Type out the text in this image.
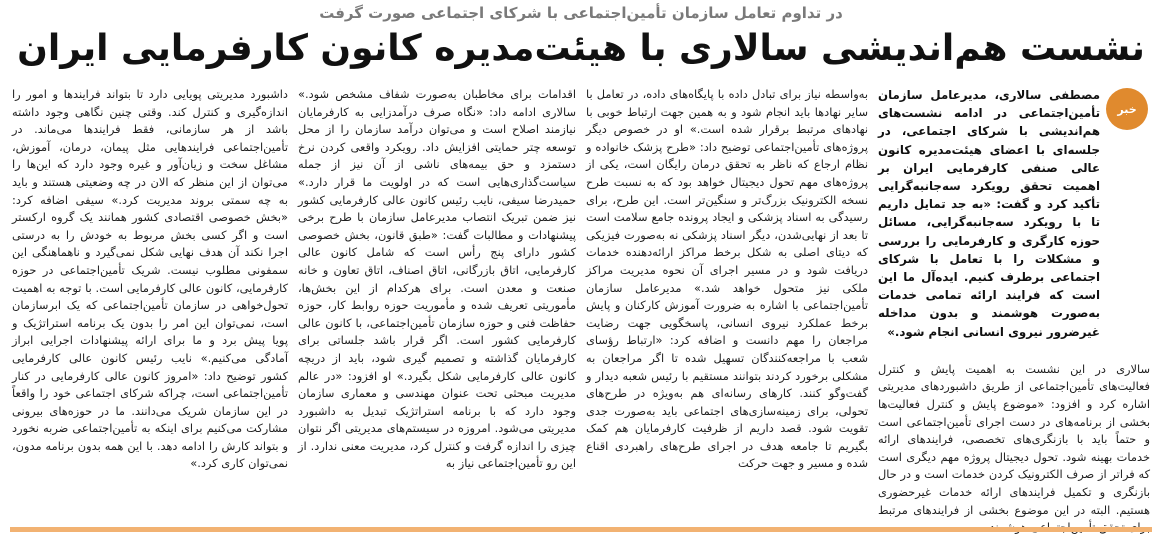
در تداوم تعامل سازمان تأمین‌اجتماعی با شرکای اجتماعی صورت گرفت
نشست هم‌اندیشی سالاری با هیئت‌مدیره کانون کارفرمایی ایران
خبر

مصطفی سالاری، مدیرعامل سازمان تأمین‌اجتماعی در ادامه نشست‌های هم‌اندیشی با شرکای اجتماعی، در جلسه‌ای با اعضای هیئت‌مدیره کانون عالی صنفی کارفرمایی ایران بر اهمیت تحقق رویکرد سه‌جانبه‌گرایی تأکید کرد و گفت: «به جد تمایل داریم تا با رویکرد سه‌جانبه‌گرایی، مسائل حوزه کارگری و کارفرمایی را بررسی و مشکلات را با تعامل با شرکای اجتماعی برطرف کنیم. ایده‌آل ما این است که فرایند ارائه تمامی خدمات به‌صورت هوشمند و بدون مداخله غیرضرور نیروی انسانی انجام شود.»

سالاری در این نشست به اهمیت پایش و کنترل فعالیت‌های تأمین‌اجتماعی از طریق داشبوردهای مدیریتی اشاره کرد و افزود: «موضوع پایش و کنترل فعالیت‌ها بخشی از برنامه‌های در دست اجرای تأمین‌اجتماعی است و حتماً باید با بازنگری‌های تخصصی، فرایندهای ارائه خدمات بهینه شود. تحول دیجیتال پروژه مهم دیگری است که فراتر از صرف الکترونیک کردن خدمات است و در حال بازنگری و تکمیل فرایندهای ارائه خدمات غیرحضوری هستیم. البته در این موضوع بخشی از فرایندهای مرتبط

به‌واسطه نیاز برای تبادل داده با پایگاه‌های داده، در تعامل با سایر نهادها باید انجام شود و به همین جهت ارتباط خوبی با نهادهای مرتبط برقرار شده است.» او در خصوص دیگر پروژه‌های تأمین‌اجتماعی توضیح داد: «طرح پزشک خانواده و نظام ارجاع که ناظر به تحقق درمان رایگان است، یکی از پروژه‌های مهم تحول دیجیتال خواهد بود که به نسبت طرح نسخه الکترونیک بزرگ‌تر و سنگین‌تر است. این طرح، برای رسیدگی به اسناد پزشکی و ایجاد پرونده جامع سلامت است تا بعد از نهایی‌شدن، دیگر اسناد پزشکی نه به‌صورت فیزیکی که دیتای اصلی به شکل برخط مراکز ارائه‌دهنده خدمات دریافت شود و در مسیر اجرای آن نحوه مدیریت مراکز ملکی نیز متحول خواهد شد.» مدیرعامل سازمان تأمین‌اجتماعی با اشاره به ضرورت آموزش کارکنان و پایش برخط عملکرد نیروی انسانی، پاسخگویی جهت رضایت مراجعان را مهم دانست و اضافه کرد: «ارتباط رؤسای شعب با مراجعه‌کنندگان تسهیل شده تا اگر مراجعان به مشکلی برخورد کردند بتوانند مستقیم با رئیس شعبه دیدار و گفت‌وگو کنند. کارهای رسانه‌ای هم به‌ویژه در طرح‌های تحولی، برای زمینه‌سازی‌های اجتماعی باید به‌صورت جدی تقویت شود. قصد داریم از ظرفیت کارفرمایان هم کمک بگیریم تا جامعه هدف در اجرای طرح‌های راهبردی اقناع شده و مسیر و جهت حرکت

اقدامات برای مخاطبان به‌صورت شفاف مشخص شود.» سالاری ادامه داد: «نگاه صرف درآمدزایی به کارفرمایان نیازمند اصلاح است و می‌توان درآمد سازمان را از محل توسعه چتر حمایتی افزایش داد. رویکرد واقعی کردن نرخ دستمزد و حق بیمه‌های ناشی از آن نیز از جمله سیاست‌گذاری‌هایی است که در اولویت ما قرار دارد.» حمیدرضا سیفی، نایب رئیس کانون عالی کارفرمایی کشور نیز ضمن تبریک انتصاب مدیرعامل سازمان با طرح برخی پیشنهادات و مطالبات گفت: «طبق قانون، بخش خصوصی کشور دارای پنج رأس است که شامل کانون عالی کارفرمایی، اتاق بازرگانی، اتاق اصناف، اتاق تعاون و خانه صنعت و معدن است. برای هرکدام از این بخش‌ها، مأموریتی تعریف شده و مأموریت حوزه روابط کار، حوزه حفاظت فنی و حوزه سازمان تأمین‌اجتماعی، با کانون عالی کارفرمایی کشور است. اگر قرار باشد جلساتی برای کارفرمایان گذاشته و تصمیم گیری شود، باید از دریچه کانون عالی کارفرمایی شکل بگیرد.» او افزود: «در عالم مدیریت مبحثی تحت عنوان مهندسی و معماری سازمان وجود دارد که با برنامه استراتژیک تبدیل به داشبورد مدیریتی می‌شود. امروزه در سیستم‌های مدیریتی اگر نتوان چیزی را اندازه گرفت و کنترل کرد، مدیریت معنی ندارد. از این رو تأمین‌اجتماعی نیاز به

داشبورد مدیریتی پویایی دارد تا بتواند فرایندها و امور را اندازه‌گیری و کنترل کند. وقتی چنین نگاهی وجود داشته باشد از هر سازمانی، فقط فرایندها می‌ماند. در تأمین‌اجتماعی فرایندهایی مثل پیمان، درمان، آموزش، مشاغل سخت و زیان‌آور و غیره وجود دارد که این‌ها را می‌توان از این منظر که الان در چه وضعیتی هستند و باید به چه سمتی بروند مدیریت کرد.» سیفی اضافه کرد: «بخش خصوصی اقتصادی کشور همانند یک گروه ارکستر است و اگر کسی بخش مربوط به خودش را به درستی اجرا نکند آن هدف نهایی شکل نمی‌گیرد و ناهماهنگی این سمفونی مطلوب نیست. شریک تأمین‌اجتماعی در حوزه کارفرمایی، کانون عالی کارفرمایی است. با توجه به اهمیت تحول‌خواهی در سازمان تأمین‌اجتماعی که یک ابرسازمان است، نمی‌توان این امر را بدون یک برنامه استراتژیک و پویا پیش برد و ما برای ارائه پیشنهادات اجرایی ابراز آمادگی می‌کنیم.» نایب رئیس کانون عالی کارفرمایی کشور توضیح داد: «امروز کانون عالی کارفرمایی در کنار تأمین‌اجتماعی است، چراکه شرکای اجتماعی خود را واقعاً در این سازمان شریک می‌دانند. ما در حوزه‌های بیرونی مشارکت می‌کنیم برای اینکه به تأمین‌اجتماعی ضربه نخورد و بتواند کارش را ادامه دهد. با این همه بدون برنامه مدون، نمی‌توان کاری کرد.»
